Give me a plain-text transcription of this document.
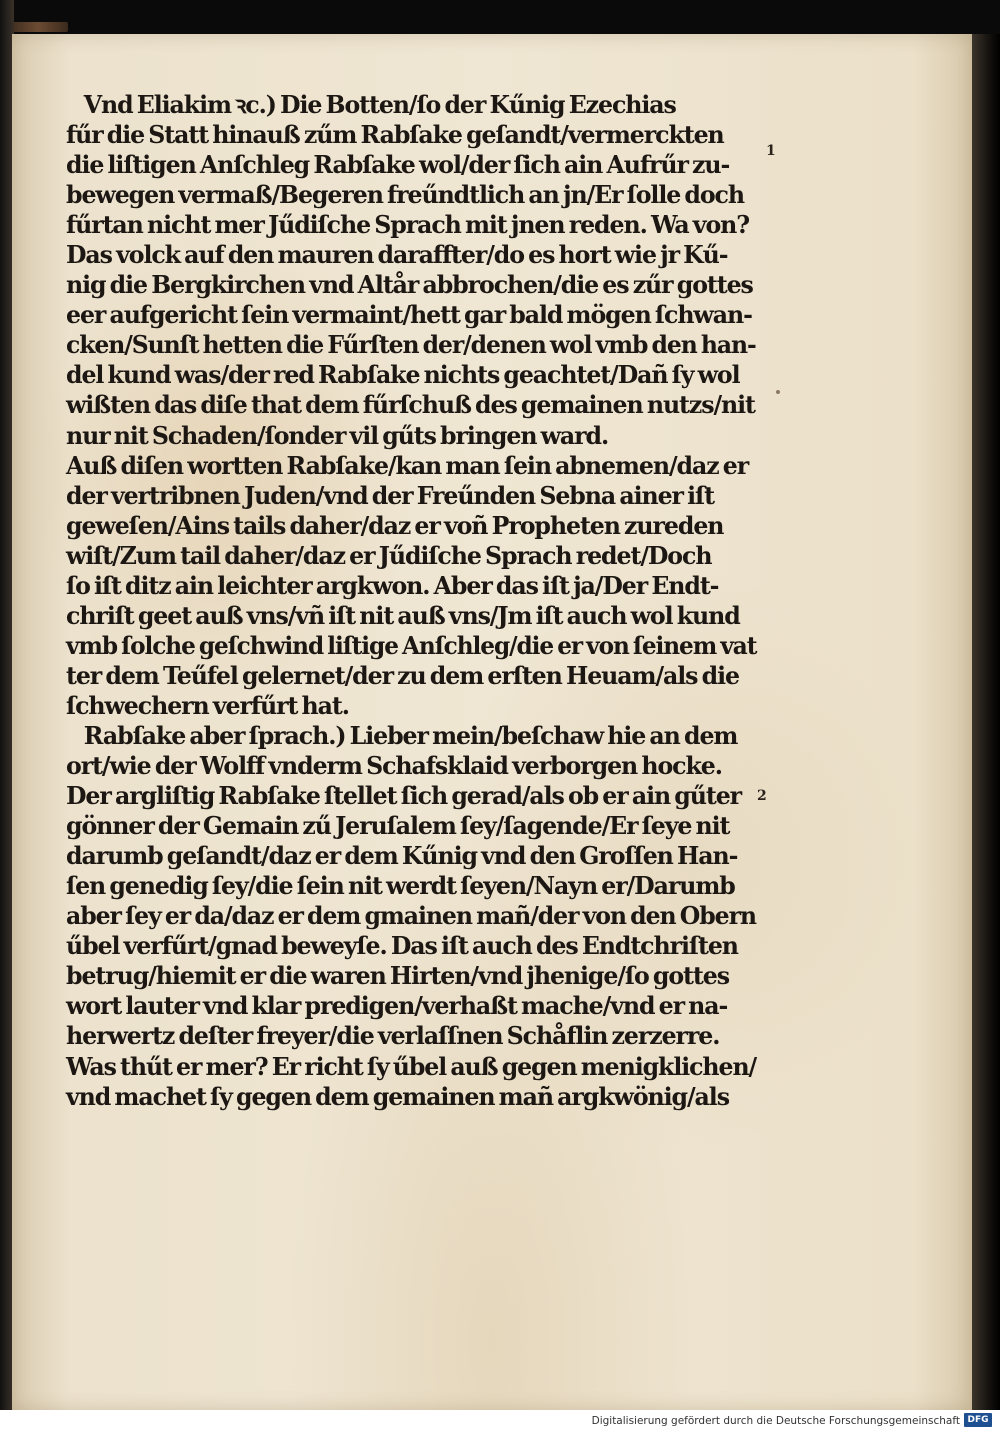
Vnd Eliakim ꝛc.) Die Botten/ſo der Kűnig Ezechias
fűr die Statt hinauß zűm Rabſake geſandt/vermerckten
die liſtigen Anſchleg Rabſake wol/der ſich ain Aufrűr zu-
bewegen vermaß/Begeren freűndtlich an jn/Er ſolle doch
fűrtan nicht mer Jűdiſche Sprach mit jnen reden. Wa von?
Das volck auf den mauren daraffter/do es hort wie jr Kű-
nig die Bergkirchen vnd Altår abbrochen/die es zűr gottes
eer aufgericht ſein vermaint/hett gar bald mögen ſchwan-
cken/Sunſt hetten die Fűrſten der/denen wol vmb den han-
del kund was/der red Rabſake nichts geachtet/Dañ ſy wol
wißten das diſe that dem fűrſchuß des gemainen nutzs/nit
nur nit Schaden/ſonder vil gűts bringen ward.
Auß diſen wortten Rabſake/kan man ſein abnemen/daz er
der vertribnen Juden/vnd der Freűnden Sebna ainer iſt
geweſen/Ains tails daher/daz er voñ Propheten zureden
wiſt/Zum tail daher/daz er Jűdiſche Sprach redet/Doch
ſo iſt ditz ain leichter argkwon. Aber das iſt ja/Der Endt-
chriſt geet auß vns/vñ iſt nit auß vns/Jm iſt auch wol kund
vmb ſolche geſchwind liſtige Anſchleg/die er von ſeinem vat
ter dem Teűfel gelernet/der zu dem erſten Heuam/als die
ſchwechern verfűrt hat.
Rabſake aber ſprach.) Lieber mein/beſchaw hie an dem
ort/wie der Wolff vnderm Schafsklaid verborgen hocke.
Der argliſtig Rabſake ſtellet ſich gerad/als ob er ain gűter
gönner der Gemain zű Jeruſalem ſey/ſagende/Er ſeye nit
darumb geſandt/daz er dem Kűnig vnd den Groſſen Han-
ſen genedig ſey/die ſein nit werdt ſeyen/Nayn er/Darumb
aber ſey er da/daz er dem gmainen mañ/der von den Obern
űbel verfűrt/gnad beweyſe. Das iſt auch des Endtchriſten
betrug/hiemit er die waren Hirten/vnd jhenige/ſo gottes
wort lauter vnd klar predigen/verhaßt mache/vnd er na-
herwertz deſter freyer/die verlaſſnen Schåflin zerzerre.
Was thűt er mer? Er richt ſy űbel auß gegen menigklichen/
vnd machet ſy gegen dem gemainen mañ argkwönig/als
1
2
Digitalisierung gefördert durch die Deutsche Forschungsgemeinschaft DFG
